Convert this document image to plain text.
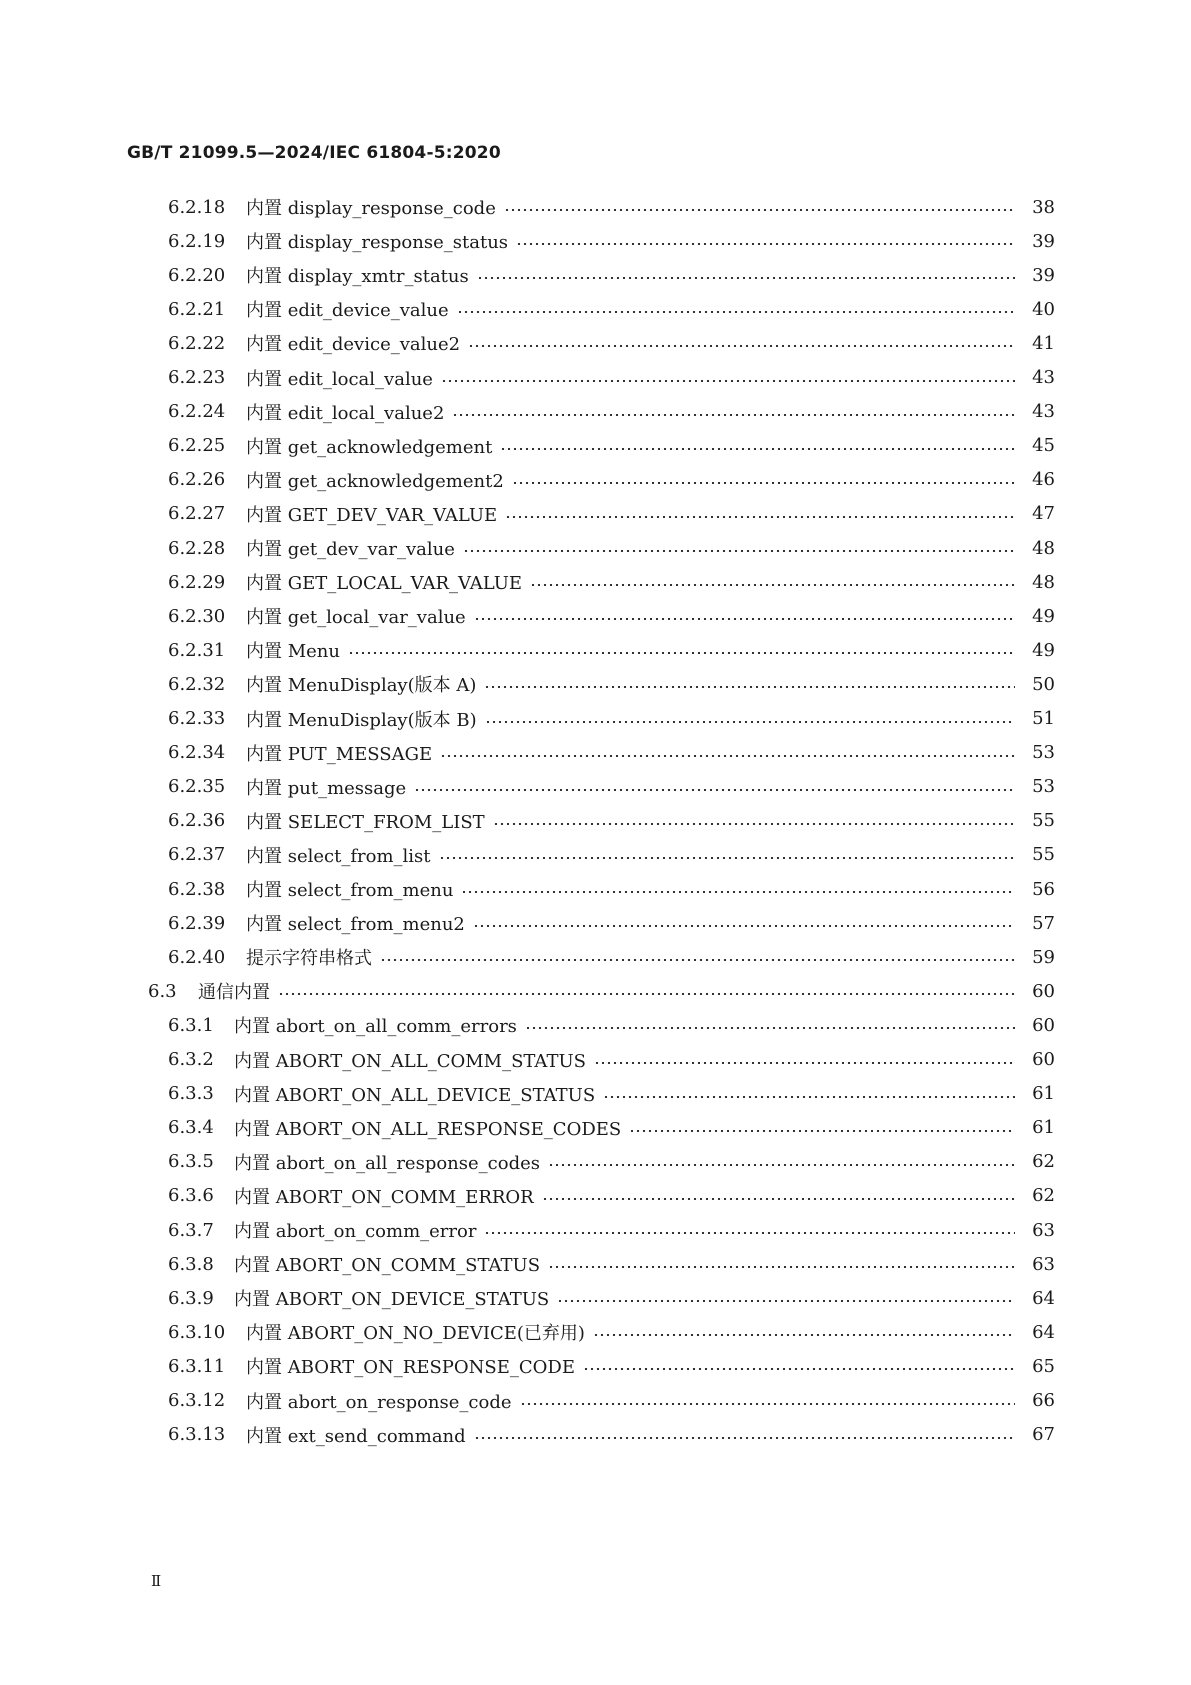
GB/T 21099.5—2024/IEC 61804-5:2020
6.2.18	内置 display_response_code	38
6.2.19	内置 display_response_status	39
6.2.20	内置 display_xmtr_status	39
6.2.21	内置 edit_device_value	40
6.2.22	内置 edit_device_value2	41
6.2.23	内置 edit_local_value	43
6.2.24	内置 edit_local_value2	43
6.2.25	内置 get_acknowledgement	45
6.2.26	内置 get_acknowledgement2	46
6.2.27	内置 GET_DEV_VAR_VALUE	47
6.2.28	内置 get_dev_var_value	48
6.2.29	内置 GET_LOCAL_VAR_VALUE	48
6.2.30	内置 get_local_var_value	49
6.2.31	内置 Menu	49
6.2.32	内置 MenuDisplay(版本 A)	50
6.2.33	内置 MenuDisplay(版本 B)	51
6.2.34	内置 PUT_MESSAGE	53
6.2.35	内置 put_message	53
6.2.36	内置 SELECT_FROM_LIST	55
6.2.37	内置 select_from_list	55
6.2.38	内置 select_from_menu	56
6.2.39	内置 select_from_menu2	57
6.2.40	提示字符串格式	59
6.3	通信内置	60
6.3.1	内置 abort_on_all_comm_errors	60
6.3.2	内置 ABORT_ON_ALL_COMM_STATUS	60
6.3.3	内置 ABORT_ON_ALL_DEVICE_STATUS	61
6.3.4	内置 ABORT_ON_ALL_RESPONSE_CODES	61
6.3.5	内置 abort_on_all_response_codes	62
6.3.6	内置 ABORT_ON_COMM_ERROR	62
6.3.7	内置 abort_on_comm_error	63
6.3.8	内置 ABORT_ON_COMM_STATUS	63
6.3.9	内置 ABORT_ON_DEVICE_STATUS	64
6.3.10	内置 ABORT_ON_NO_DEVICE(已弃用)	64
6.3.11	内置 ABORT_ON_RESPONSE_CODE	65
6.3.12	内置 abort_on_response_code	66
6.3.13	内置 ext_send_command	67
Ⅱ
